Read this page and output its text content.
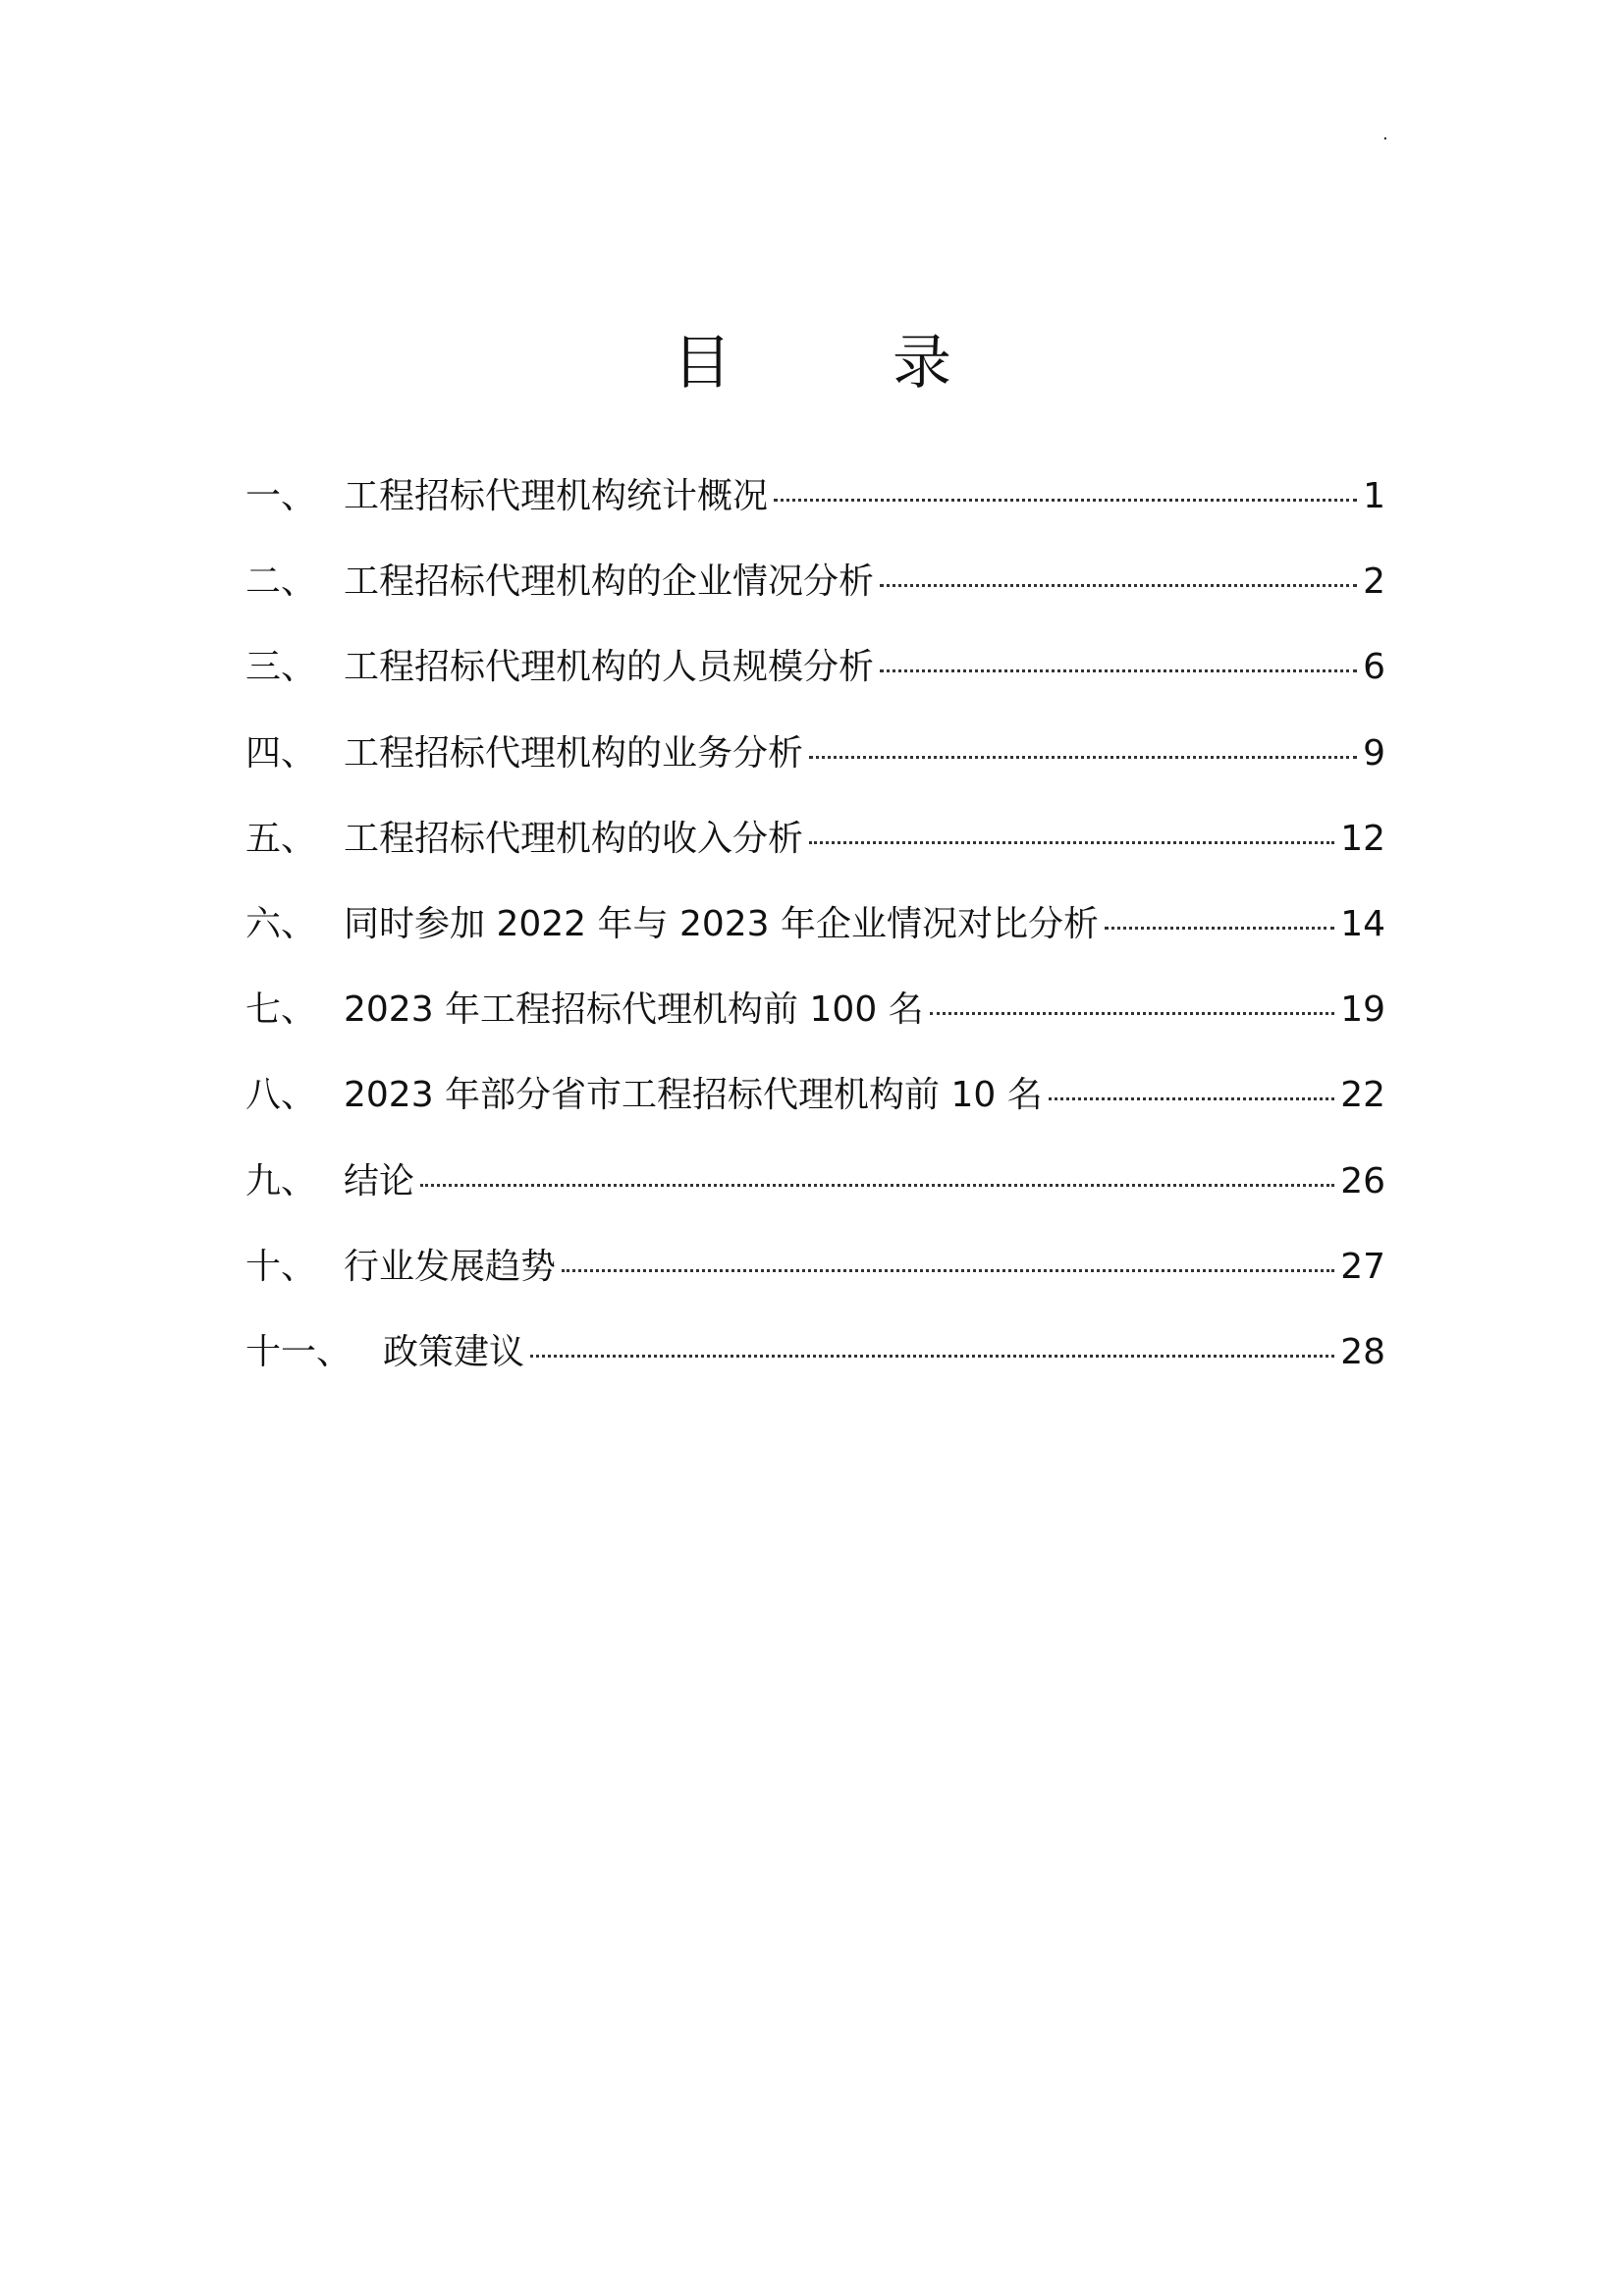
.
目　录
一、 工程招标代理机构统计概况	1
二、 工程招标代理机构的企业情况分析	2
三、 工程招标代理机构的人员规模分析	6
四、 工程招标代理机构的业务分析	9
五、 工程招标代理机构的收入分析	12
六、 同时参加 2022 年与 2023 年企业情况对比分析	14
七、 2023 年工程招标代理机构前 100 名	19
八、 2023 年部分省市工程招标代理机构前 10 名	22
九、 结论	26
十、 行业发展趋势	27
十一、 政策建议	28
